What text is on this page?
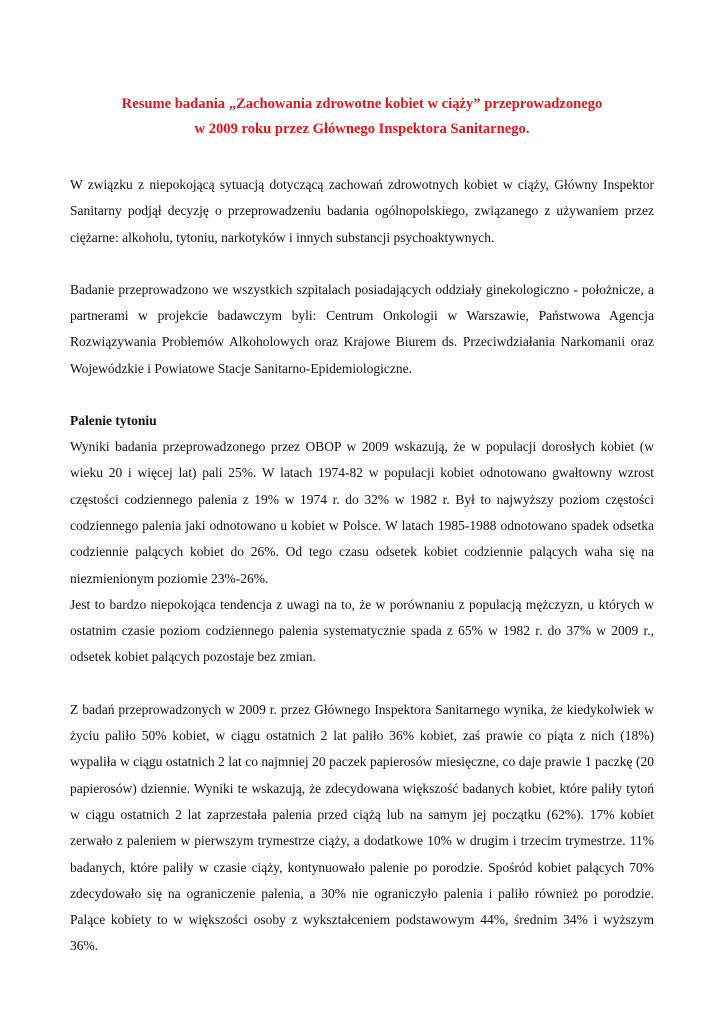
Resume badania „Zachowania zdrowotne kobiet w ciąży” przeprowadzonego
w 2009 roku przez Głównego Inspektora Sanitarnego.

W związku z niepokojącą sytuacją dotyczącą zachowań zdrowotnych kobiet w ciąży, Główny Inspektor Sanitarny podjął decyzję o przeprowadzeniu badania ogólnopolskiego, związanego z używaniem przez ciężarne: alkoholu, tytoniu, narkotyków i innych substancji psychoaktywnych.

Badanie przeprowadzono we wszystkich szpitalach posiadających oddziały ginekologiczno - położnicze, a partnerami w projekcie badawczym byli: Centrum Onkologii w Warszawie, Państwowa Agencja Rozwiązywania Problemów Alkoholowych oraz Krajowe Biurem ds. Przeciwdziałania Narkomanii oraz Wojewódzkie i Powiatowe Stacje Sanitarno-Epidemiologiczne.

Palenie tytoniu

Wyniki badania przeprowadzonego przez OBOP w 2009 wskazują, że w populacji dorosłych kobiet (w wieku 20 i więcej lat) pali 25%. W latach 1974-82 w populacji kobiet odnotowano gwałtowny wzrost częstości codziennego palenia z 19% w 1974 r. do 32% w 1982 r. Był to najwyższy poziom częstości codziennego palenia jaki odnotowano u kobiet w Polsce. W latach 1985-1988 odnotowano spadek odsetka codziennie palących kobiet do 26%. Od tego czasu odsetek kobiet codziennie palących waha się na niezmienionym poziomie 23%-26%.

Jest to bardzo niepokojąca tendencja z uwagi na to, że w porównaniu z populacją mężczyzn, u których w ostatnim czasie poziom codziennego palenia systematycznie spada z 65% w 1982 r. do 37% w 2009 r., odsetek kobiet palących pozostaje bez zmian.

Z badań przeprowadzonych w 2009 r. przez Głównego Inspektora Sanitarnego wynika, że kiedykolwiek w życiu paliło 50% kobiet, w ciągu ostatnich 2 lat paliło 36% kobiet, zaś prawie co piąta z nich (18%) wypaliła w ciągu ostatnich 2 lat co najmniej 20 paczek papierosów miesięczne, co daje prawie 1 paczkę (20 papierosów) dziennie. Wyniki te wskazują, że zdecydowana większość badanych kobiet, które paliły tytoń w ciągu ostatnich 2 lat zaprzestała palenia przed ciążą lub na samym jej początku (62%). 17% kobiet zerwało z paleniem w pierwszym trymestrze ciąży, a dodatkowe 10% w drugim i trzecim trymestrze. 11% badanych, które paliły w czasie ciąży, kontynuowało palenie po porodzie. Spośród kobiet palących 70% zdecydowało się na ograniczenie palenia, a 30% nie ograniczyło palenia i paliło również po porodzie. Palące kobiety to w większości osoby z wykształceniem podstawowym 44%, średnim 34% i wyższym 36%.
